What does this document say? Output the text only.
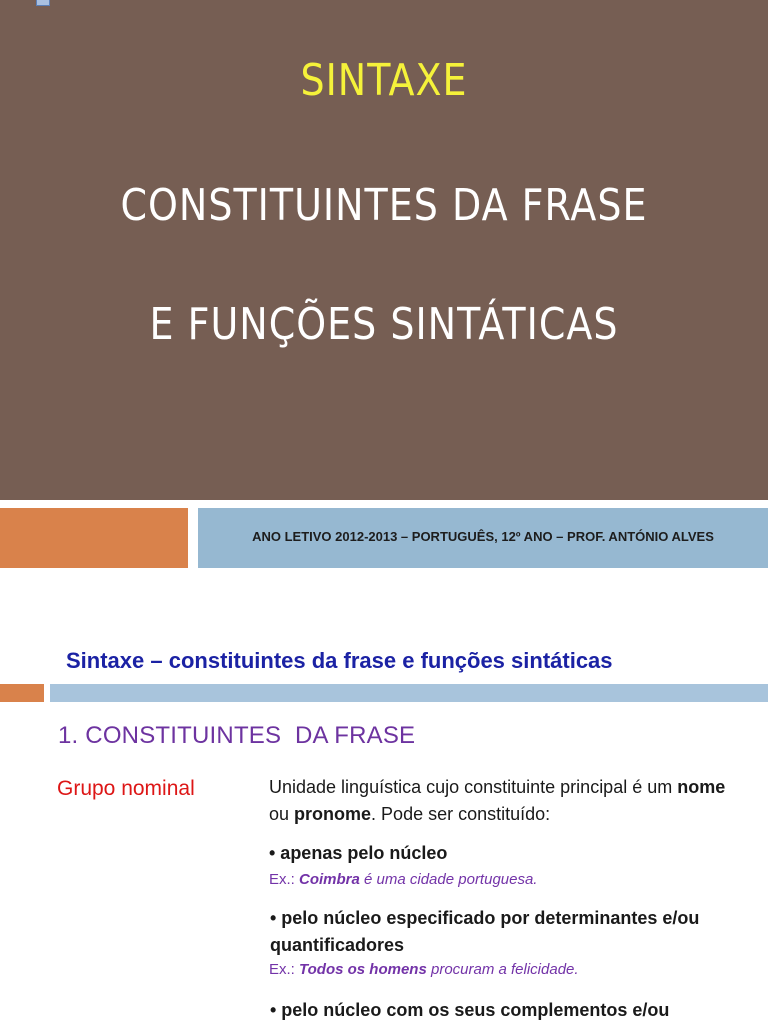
SINTAXE
CONSTITUINTES DA FRASE
E FUNÇÕES SINTÁTICAS
ANO LETIVO 2012-2013 – PORTUGUÊS, 12º ANO – PROF. ANTÓNIO ALVES
Sintaxe – constituintes da frase e funções sintáticas
1. CONSTITUINTES  DA FRASE
Grupo nominal	Unidade linguística cujo constituinte principal é um nome ou pronome. Pode ser constituído:
• apenas pelo núcleo
Ex.: Coimbra é uma cidade portuguesa.
• pelo núcleo especificado por determinantes e/ou quantificadores
Ex.: Todos os homens procuram a felicidade.
• pelo núcleo com os seus complementos e/ou
